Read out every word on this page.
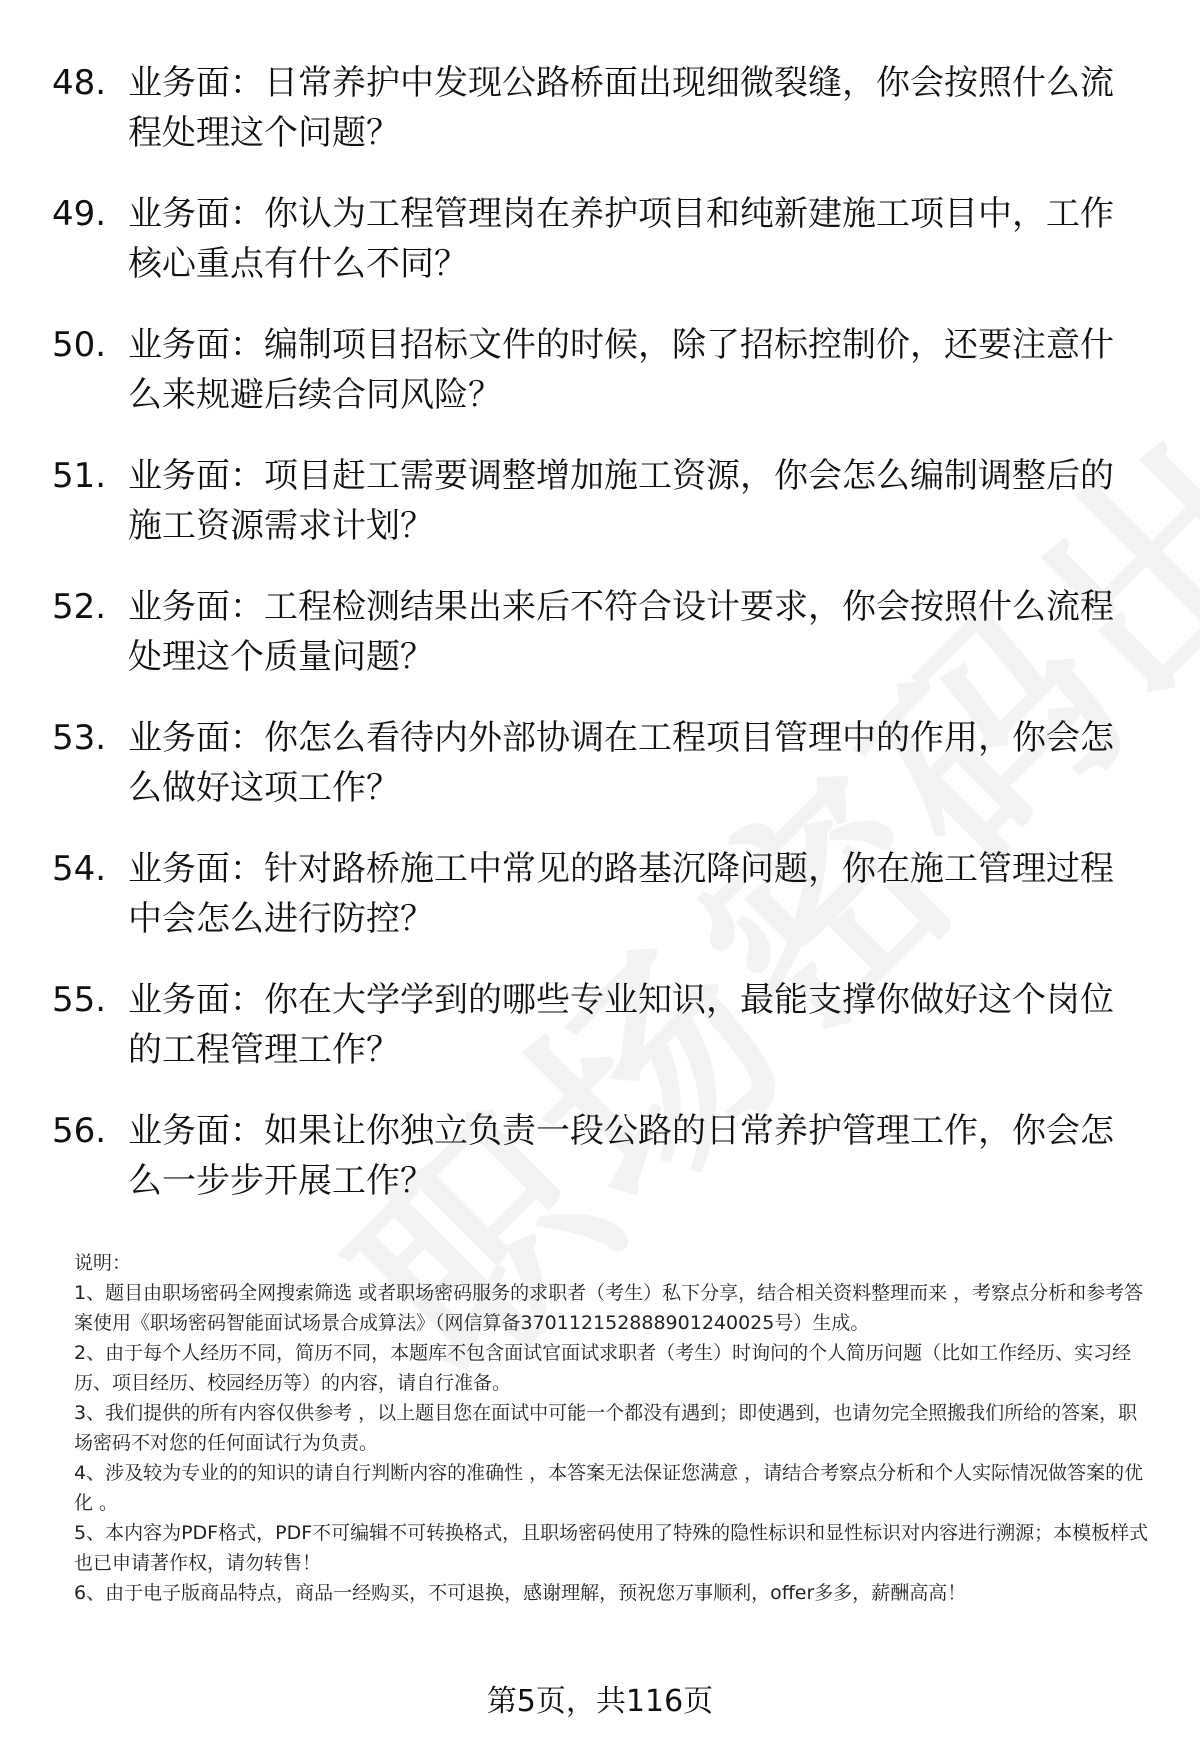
48. 业务面：日常养护中发现公路桥面出现细微裂缝，你会按照什么流程处理这个问题？
49. 业务面：你认为工程管理岗在养护项目和纯新建施工项目中，工作核心重点有什么不同？
50. 业务面：编制项目招标文件的时候，除了招标控制价，还要注意什么来规避后续合同风险？
51. 业务面：项目赶工需要调整增加施工资源，你会怎么编制调整后的施工资源需求计划？
52. 业务面：工程检测结果出来后不符合设计要求，你会按照什么流程处理这个质量问题？
53. 业务面：你怎么看待内外部协调在工程项目管理中的作用，你会怎么做好这项工作？
54. 业务面：针对路桥施工中常见的路基沉降问题，你在施工管理过程中会怎么进行防控？
55. 业务面：你在大学学到的哪些专业知识，最能支撑你做好这个岗位的工程管理工作？
56. 业务面：如果让你独立负责一段公路的日常养护管理工作，你会怎么一步步开展工作？

说明：

1、题目由职场密码全网搜索筛选 或者职场密码服务的求职者（考生）私下分享，结合相关资料整理而来 ，考察点分析和参考答案使用《职场密码智能面试场景合成算法》（网信算备370112152888901240025号）生成。

2、由于每个人经历不同，简历不同，本题库不包含面试官面试求职者（考生）时询问的个人简历问题（比如工作经历、实习经历、项目经历、校园经历等）的内容，请自行准备。

3、我们提供的所有内容仅供参考 ，以上题目您在面试中可能一个都没有遇到；即使遇到，也请勿完全照搬我们所给的答案，职场密码不对您的任何面试行为负责。

4、涉及较为专业的的知识的请自行判断内容的准确性 ，本答案无法保证您满意 ，请结合考察点分析和个人实际情况做答案的优化 。

5、本内容为PDF格式，PDF不可编辑不可转换格式，且职场密码使用了特殊的隐性标识和显性标识对内容进行溯源；本模板样式也已申请著作权，请勿转售！

6、由于电子版商品特点，商品一经购买，不可退换，感谢理解，预祝您万事顺利，offer多多，薪酬高高！

第5页，共116页
